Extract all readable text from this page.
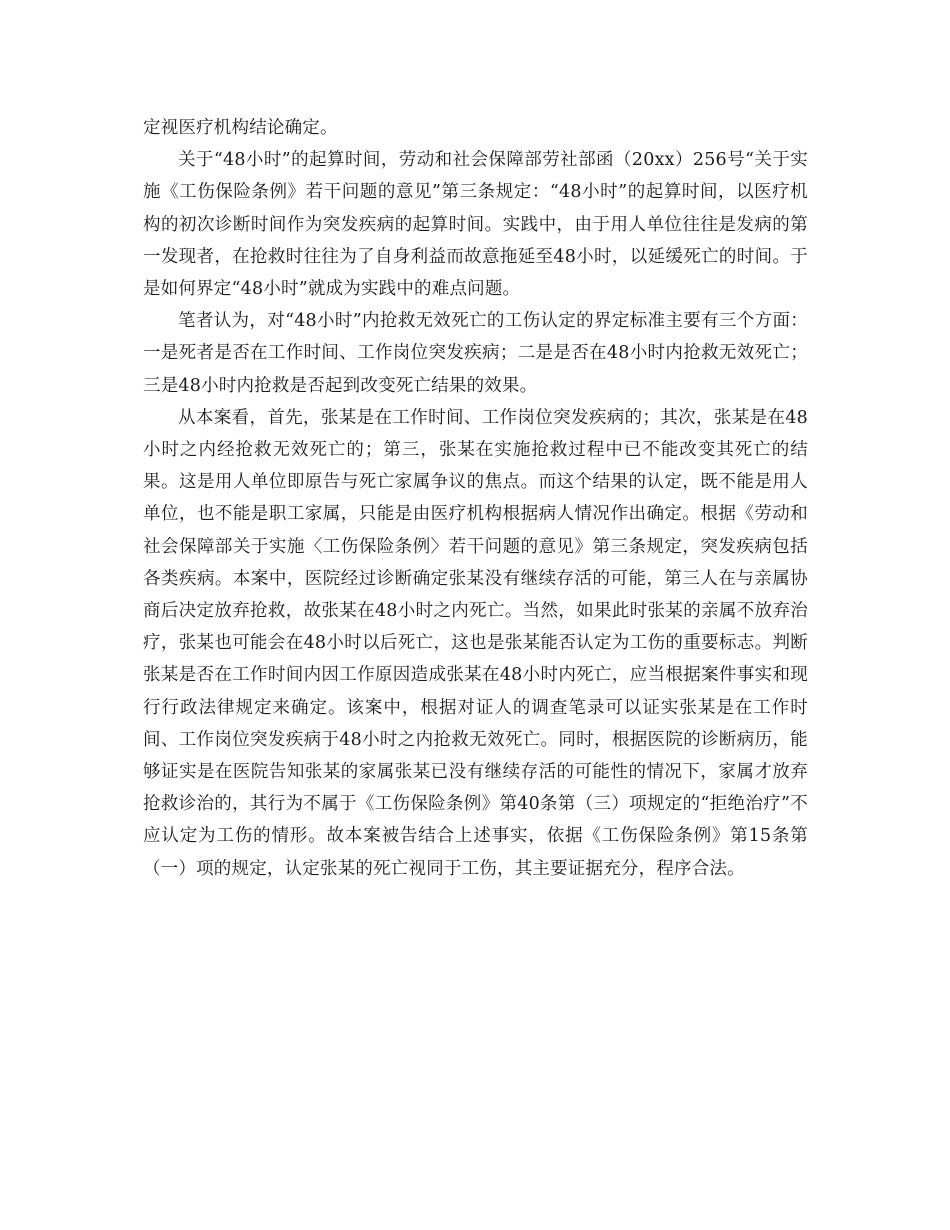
定视医疗机构结论确定。

关于“48小时”的起算时间，劳动和社会保障部劳社部函（20xx）256号“关于实施《工伤保险条例》若干问题的意见”第三条规定：“48小时”的起算时间，以医疗机构的初次诊断时间作为突发疾病的起算时间。实践中，由于用人单位往往是发病的第一发现者，在抢救时往往为了自身利益而故意拖延至48小时，以延缓死亡的时间。于是如何界定“48小时”就成为实践中的难点问题。

笔者认为，对“48小时”内抢救无效死亡的工伤认定的界定标准主要有三个方面：一是死者是否在工作时间、工作岗位突发疾病；二是是否在48小时内抢救无效死亡；三是48小时内抢救是否起到改变死亡结果的效果。

从本案看，首先，张某是在工作时间、工作岗位突发疾病的；其次，张某是在48小时之内经抢救无效死亡的；第三，张某在实施抢救过程中已不能改变其死亡的结果。这是用人单位即原告与死亡家属争议的焦点。而这个结果的认定，既不能是用人单位，也不能是职工家属，只能是由医疗机构根据病人情况作出确定。根据《劳动和社会保障部关于实施〈工伤保险条例〉若干问题的意见》第三条规定，突发疾病包括各类疾病。本案中，医院经过诊断确定张某没有继续存活的可能，第三人在与亲属协商后决定放弃抢救，故张某在48小时之内死亡。当然，如果此时张某的亲属不放弃治疗，张某也可能会在48小时以后死亡，这也是张某能否认定为工伤的重要标志。判断张某是否在工作时间内因工作原因造成张某在48小时内死亡，应当根据案件事实和现行行政法律规定来确定。该案中，根据对证人的调查笔录可以证实张某是在工作时间、工作岗位突发疾病于48小时之内抢救无效死亡。同时，根据医院的诊断病历，能够证实是在医院告知张某的家属张某已没有继续存活的可能性的情况下，家属才放弃抢救诊治的，其行为不属于《工伤保险条例》第40条第（三）项规定的“拒绝治疗”不应认定为工伤的情形。故本案被告结合上述事实，依据《工伤保险条例》第15条第（一）项的规定，认定张某的死亡视同于工伤，其主要证据充分，程序合法。
